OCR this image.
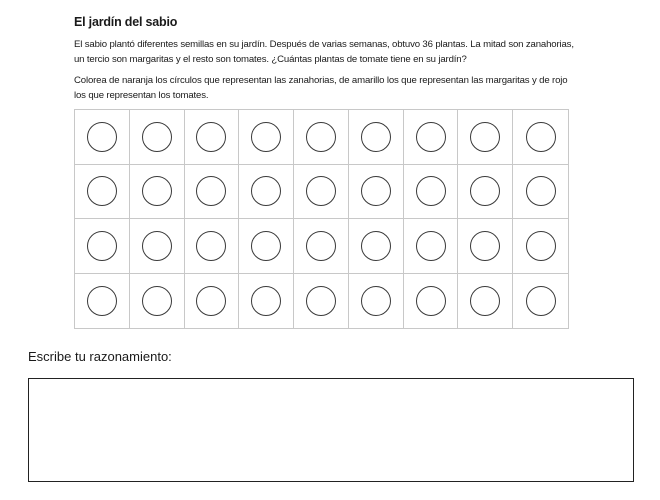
El jardín del sabio
El sabio plantó diferentes semillas en su jardín. Después de varias semanas, obtuvo 36 plantas. La mitad son zanahorias, un tercio son margaritas y el resto son tomates. ¿Cuántas plantas de tomate tiene en su jardín?
Colorea de naranja los círculos que representan las zanahorias, de amarillo los que representan las margaritas y de rojo los que representan los tomates.
Escribe tu razonamiento:
